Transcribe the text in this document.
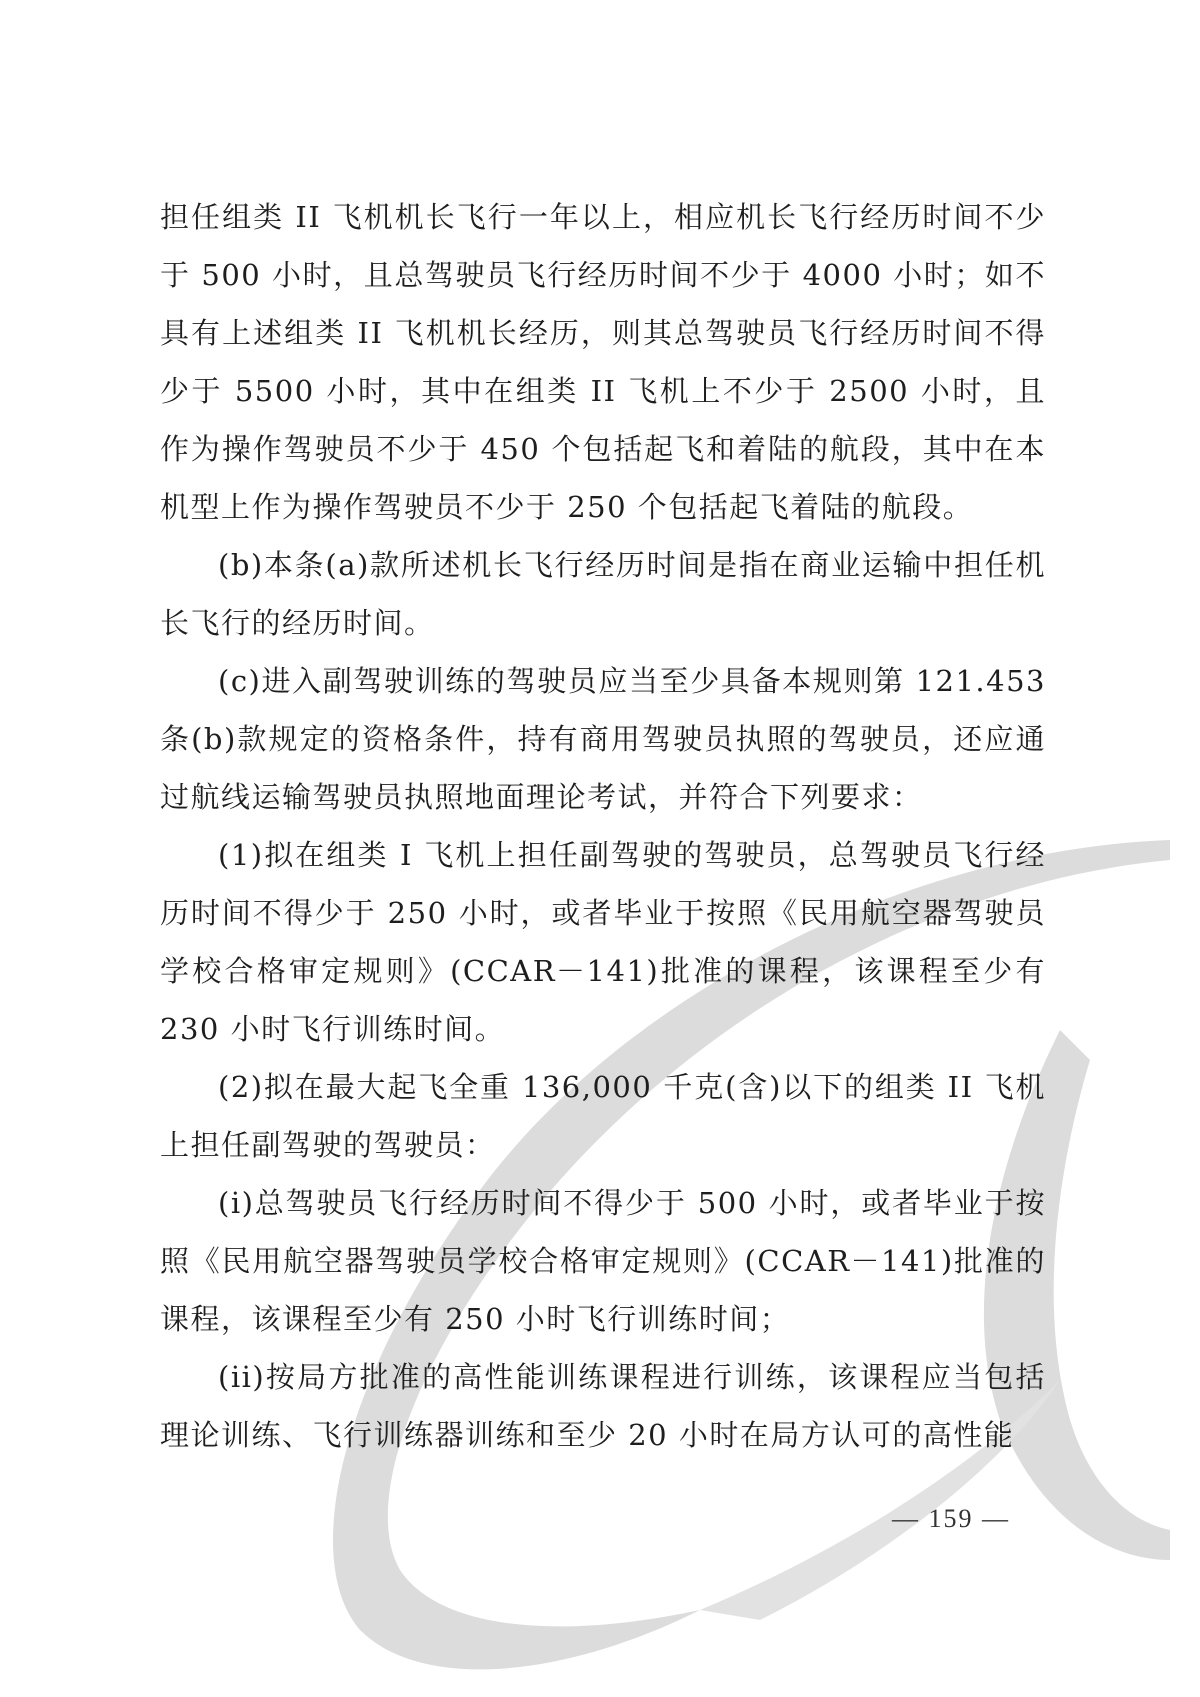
担任组类 II 飞机机长飞行一年以上，相应机长飞行经历时间不少于 500 小时，且总驾驶员飞行经历时间不少于 4000 小时；如不具有上述组类 II 飞机机长经历，则其总驾驶员飞行经历时间不得少于 5500 小时，其中在组类 II 飞机上不少于 2500 小时，且作为操作驾驶员不少于 450 个包括起飞和着陆的航段，其中在本机型上作为操作驾驶员不少于 250 个包括起飞着陆的航段。

(b)本条(a)款所述机长飞行经历时间是指在商业运输中担任机长飞行的经历时间。

(c)进入副驾驶训练的驾驶员应当至少具备本规则第 121.453 条(b)款规定的资格条件，持有商用驾驶员执照的驾驶员，还应通过航线运输驾驶员执照地面理论考试，并符合下列要求：

(1)拟在组类 I 飞机上担任副驾驶的驾驶员，总驾驶员飞行经历时间不得少于 250 小时，或者毕业于按照《民用航空器驾驶员学校合格审定规则》(CCAR－141)批准的课程，该课程至少有 230 小时飞行训练时间。

(2)拟在最大起飞全重 136,000 千克(含)以下的组类 II 飞机上担任副驾驶的驾驶员：

(i)总驾驶员飞行经历时间不得少于 500 小时，或者毕业于按照《民用航空器驾驶员学校合格审定规则》(CCAR－141)批准的课程，该课程至少有 250 小时飞行训练时间；

(ii)按局方批准的高性能训练课程进行训练，该课程应当包括理论训练、飞行训练器训练和至少 20 小时在局方认可的高性能

— 159 —
